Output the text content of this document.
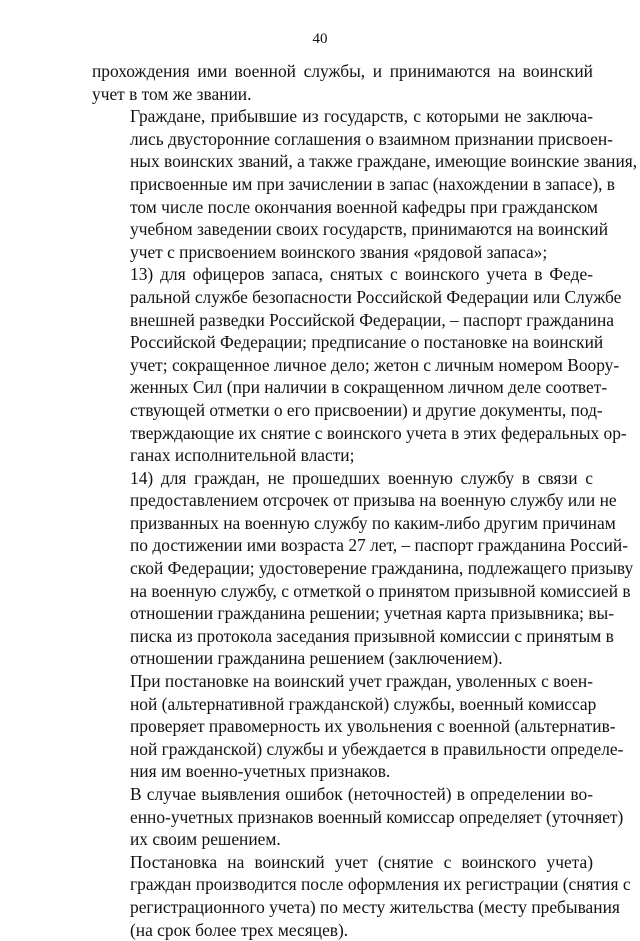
40

прохождения ими военной службы, и принимаются на воинский
учет в том же звании.

Граждане, прибывшие из государств, с которыми не заключа-
лись двусторонние соглашения о взаимном признании присвоен-
ных воинских званий, а также граждане, имеющие воинские звания,
присвоенные им при зачислении в запас (нахождении в запасе), в
том числе после окончания военной кафедры при гражданском
учебном заведении своих государств, принимаются на воинский
учет с присвоением воинского звания «рядовой запаса»;

13) для офицеров запаса, снятых с воинского учета в Феде-
ральной службе безопасности Российской Федерации или Службе
внешней разведки Российской Федерации, – паспорт гражданина
Российской Федерации; предписание о постановке на воинский
учет; сокращенное личное дело; жетон с личным номером Воору-
женных Сил (при наличии в сокращенном личном деле соответ-
ствующей отметки о его присвоении) и другие документы, под-
тверждающие их снятие с воинского учета в этих федеральных ор-
ганах исполнительной власти;

14) для граждан, не прошедших военную службу в связи с
предоставлением отсрочек от призыва на военную службу или не
призванных на военную службу по каким-либо другим причинам
по достижении ими возраста 27 лет, – паспорт гражданина Россий-
ской Федерации; удостоверение гражданина, подлежащего призыву
на военную службу, с отметкой о принятом призывной комиссией в
отношении гражданина решении; учетная карта призывника; вы-
писка из протокола заседания призывной комиссии с принятым в
отношении гражданина решением (заключением).

При постановке на воинский учет граждан, уволенных с воен-
ной (альтернативной гражданской) службы, военный комиссар
проверяет правомерность их увольнения с военной (альтернатив-
ной гражданской) службы и убеждается в правильности определе-
ния им военно-учетных признаков.

В случае выявления ошибок (неточностей) в определении во-
енно-учетных признаков военный комиссар определяет (уточняет)
их своим решением.

Постановка на воинский учет (снятие с воинского учета)
граждан производится после оформления их регистрации (снятия с
регистрационного учета) по месту жительства (месту пребывания
(на срок более трех месяцев).
